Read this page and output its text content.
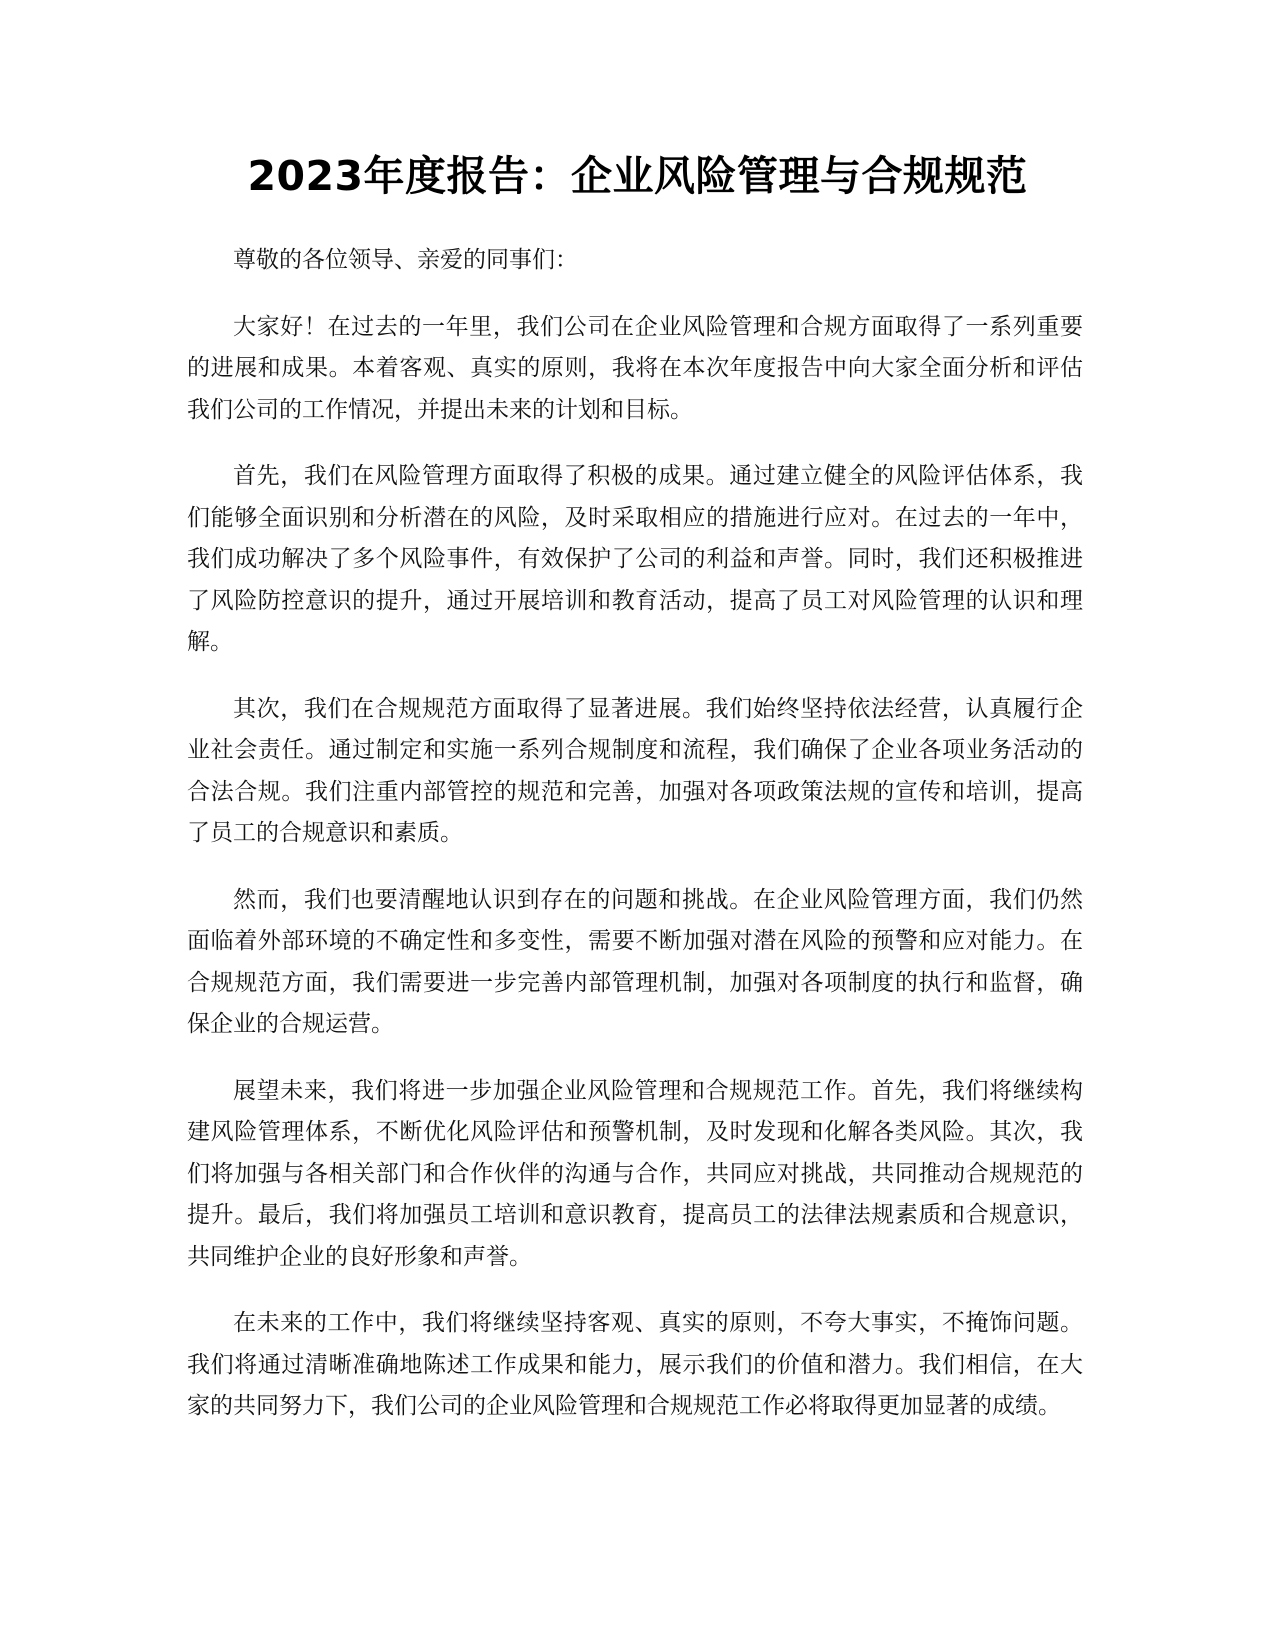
2023年度报告：企业风险管理与合规规范

尊敬的各位领导、亲爱的同事们：

大家好！在过去的一年里，我们公司在企业风险管理和合规方面取得了一系列重要的进展和成果。本着客观、真实的原则，我将在本次年度报告中向大家全面分析和评估我们公司的工作情况，并提出未来的计划和目标。

首先，我们在风险管理方面取得了积极的成果。通过建立健全的风险评估体系，我们能够全面识别和分析潜在的风险，及时采取相应的措施进行应对。在过去的一年中，我们成功解决了多个风险事件，有效保护了公司的利益和声誉。同时，我们还积极推进了风险防控意识的提升，通过开展培训和教育活动，提高了员工对风险管理的认识和理解。

其次，我们在合规规范方面取得了显著进展。我们始终坚持依法经营，认真履行企业社会责任。通过制定和实施一系列合规制度和流程，我们确保了企业各项业务活动的合法合规。我们注重内部管控的规范和完善，加强对各项政策法规的宣传和培训，提高了员工的合规意识和素质。

然而，我们也要清醒地认识到存在的问题和挑战。在企业风险管理方面，我们仍然面临着外部环境的不确定性和多变性，需要不断加强对潜在风险的预警和应对能力。在合规规范方面，我们需要进一步完善内部管理机制，加强对各项制度的执行和监督，确保企业的合规运营。

展望未来，我们将进一步加强企业风险管理和合规规范工作。首先，我们将继续构建风险管理体系，不断优化风险评估和预警机制，及时发现和化解各类风险。其次，我们将加强与各相关部门和合作伙伴的沟通与合作，共同应对挑战，共同推动合规规范的提升。最后，我们将加强员工培训和意识教育，提高员工的法律法规素质和合规意识，共同维护企业的良好形象和声誉。

在未来的工作中，我们将继续坚持客观、真实的原则，不夸大事实，不掩饰问题。我们将通过清晰准确地陈述工作成果和能力，展示我们的价值和潜力。我们相信，在大家的共同努力下，我们公司的企业风险管理和合规规范工作必将取得更加显著的成绩。
